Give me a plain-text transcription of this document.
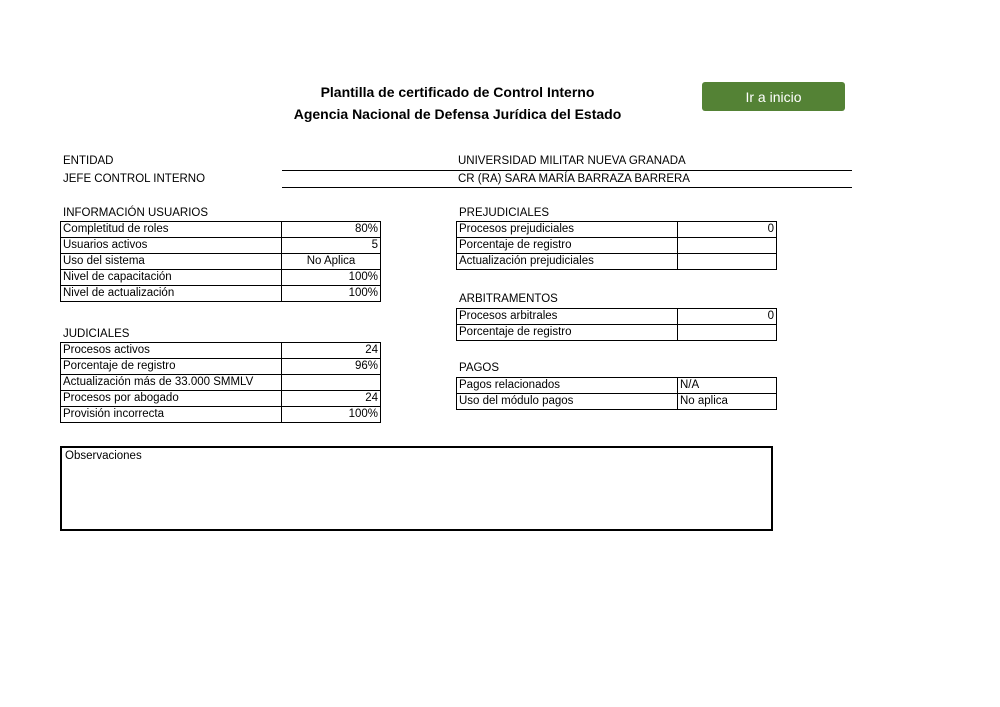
Plantilla de certificado de Control Interno
Agencia Nacional de Defensa Jurídica del Estado
Ir a inicio
ENTIDAD	UNIVERSIDAD MILITAR NUEVA GRANADA
JEFE CONTROL INTERNO	CR (RA) SARA MARÍA BARRAZA BARRERA
INFORMACIÓN USUARIOS
Completitud de roles	80%
Usuarios activos	5
Uso del sistema	No Aplica
Nivel de capacitación	100%
Nivel de actualización	100%
JUDICIALES
Procesos activos	24
Porcentaje de registro	96%
Actualización más de 33.000 SMMLV	
Procesos por abogado	24
Provisión incorrecta	100%
PREJUDICIALES
Procesos prejudiciales	0
Porcentaje de registro	
Actualización prejudiciales	
ARBITRAMENTOS
Procesos arbitrales	0
Porcentaje de registro	
PAGOS
Pagos relacionados	N/A
Uso del módulo pagos	No aplica
Observaciones
